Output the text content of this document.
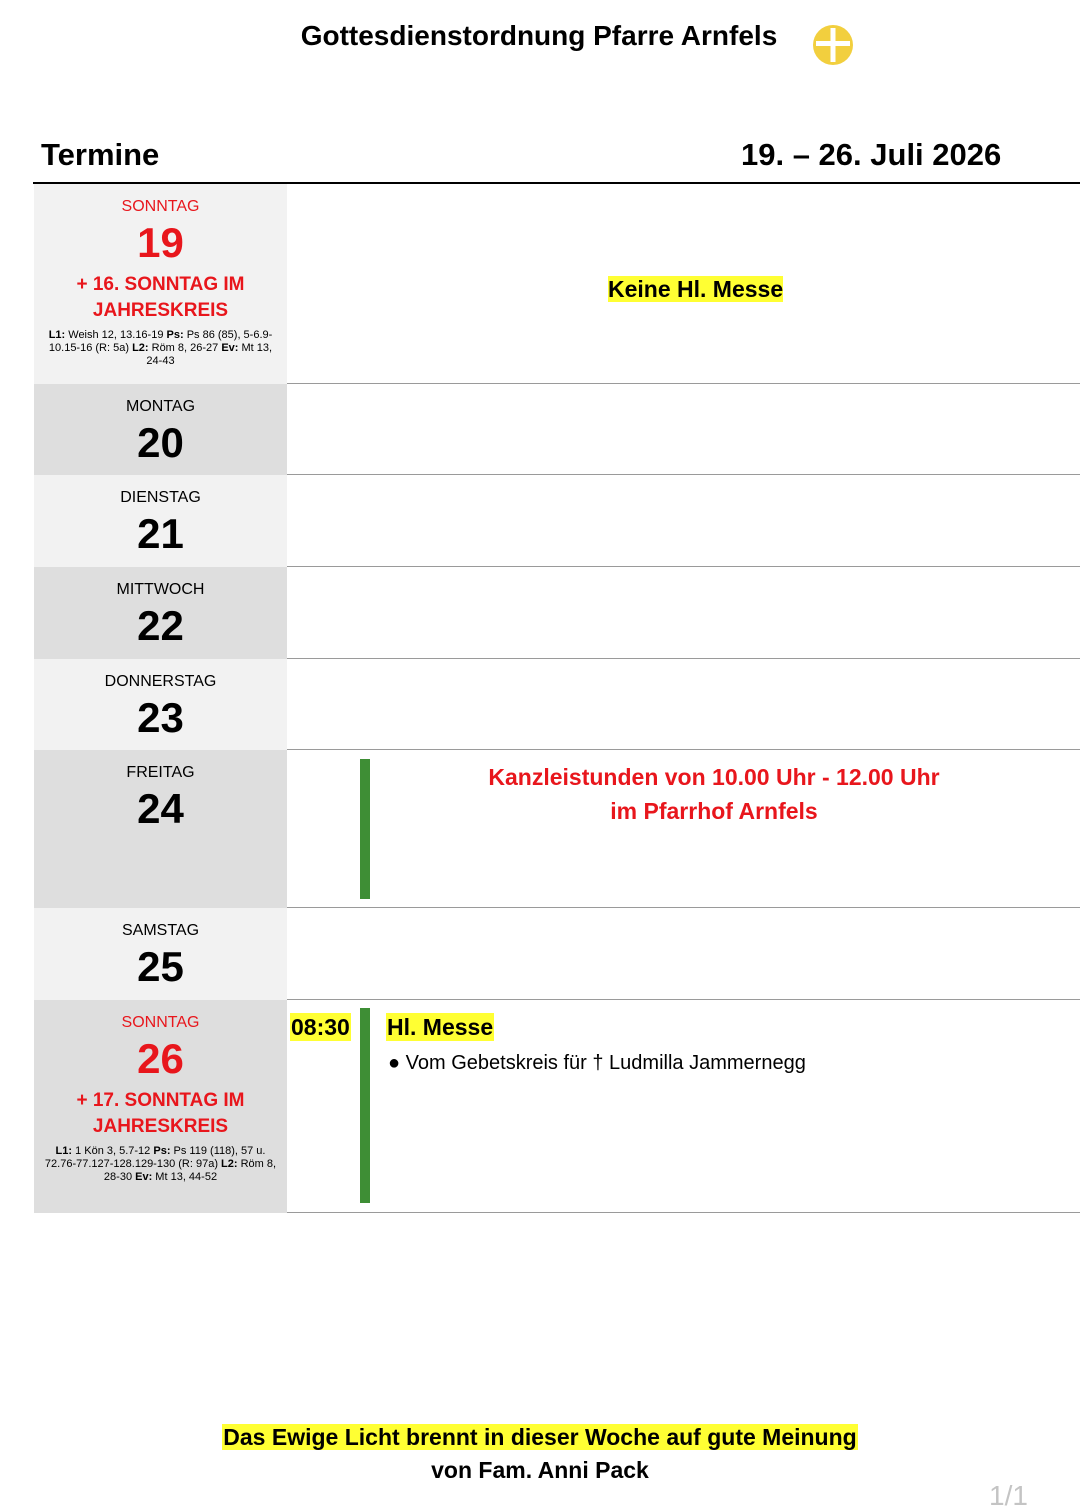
Gottesdienstordnung Pfarre Arnfels
Termine	19. – 26. Juli 2026
SONNTAG
19
+ 16. SONNTAG IM
JAHRESKREIS
L1: Weish 12, 13.16-19 Ps: Ps 86 (85), 5-6.9-10.15-16 (R: 5a) L2: Röm 8, 26-27 Ev: Mt 13, 24-43
Keine Hl. Messe
MONTAG
20
DIENSTAG
21
MITTWOCH
22
DONNERSTAG
23
FREITAG
24
Kanzleistunden von 10.00 Uhr - 12.00 Uhr
im Pfarrhof Arnfels
SAMSTAG
25
SONNTAG
26
+ 17. SONNTAG IM
JAHRESKREIS
L1: 1 Kön 3, 5.7-12 Ps: Ps 119 (118), 57 u. 72.76-77.127-128.129-130 (R: 97a) L2: Röm 8, 28-30 Ev: Mt 13, 44-52
08:30 Hl. Messe
● Vom Gebetskreis für † Ludmilla Jammernegg
Das Ewige Licht brennt in dieser Woche auf gute Meinung
von Fam. Anni Pack
1/1
